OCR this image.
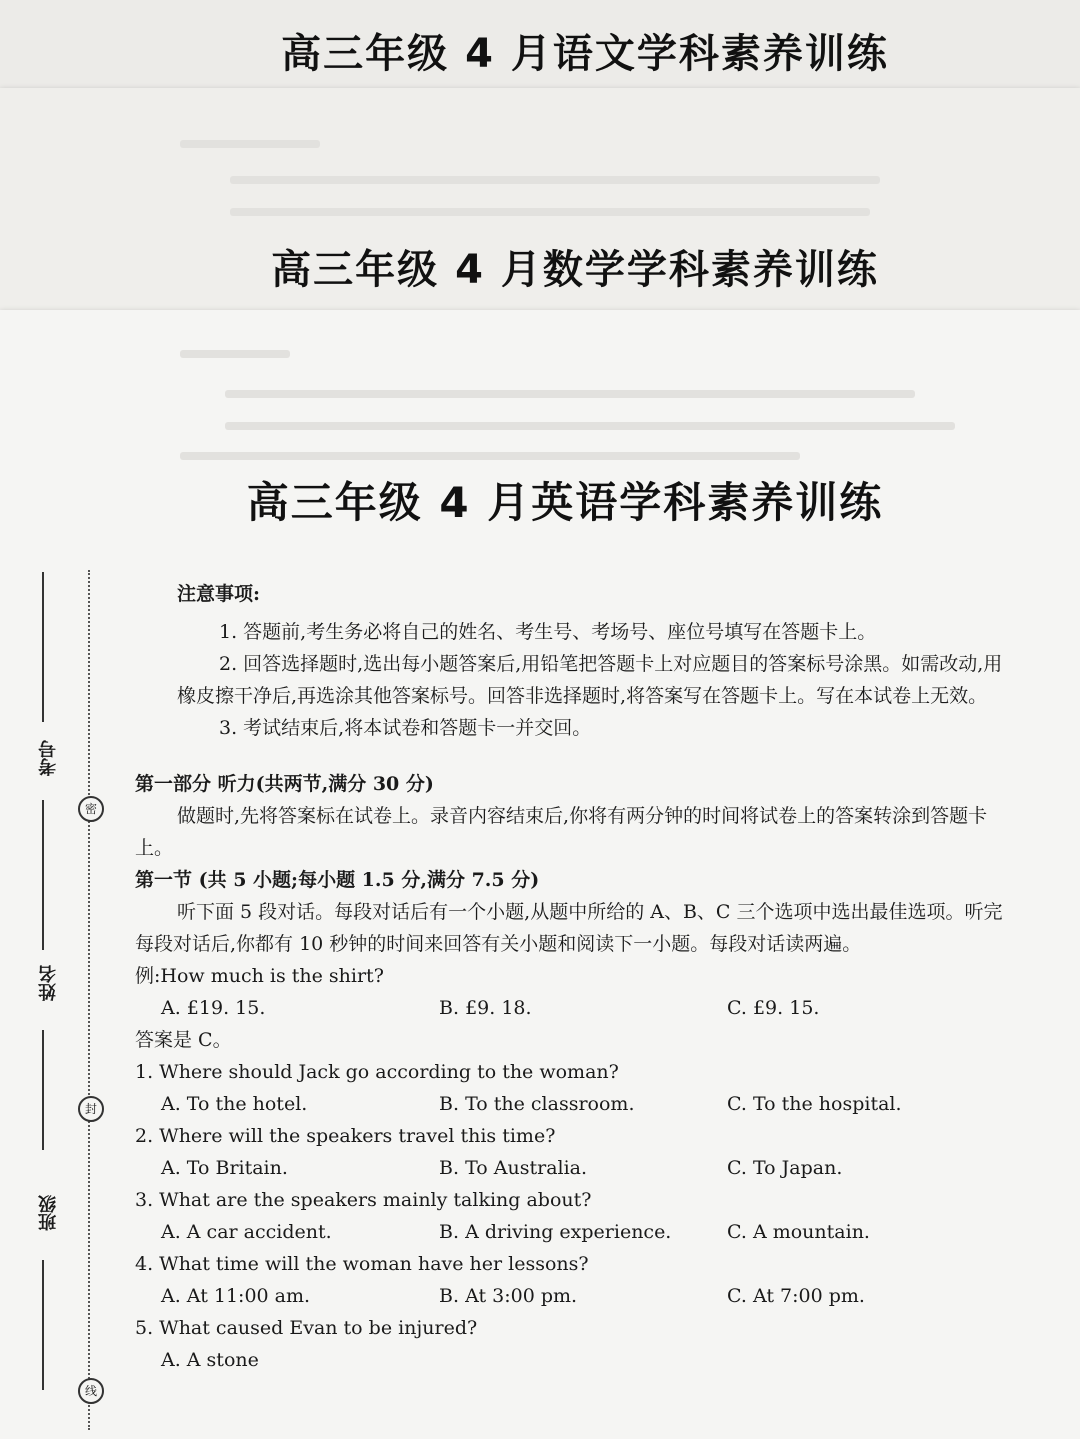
高三年级 4 月语文学科素养训练
高三年级 4 月数学学科素养训练
高三年级 4 月英语学科素养训练
考号
密
姓名
封
班级
线

注意事项:

1. 答题前,考生务必将自己的姓名、考生号、考场号、座位号填写在答题卡上。

2. 回答选择题时,选出每小题答案后,用铅笔把答题卡上对应题目的答案标号涂黑。如需改动,用橡皮擦干净后,再选涂其他答案标号。回答非选择题时,将答案写在答题卡上。写在本试卷上无效。

3. 考试结束后,将本试卷和答题卡一并交回。

第一部分 听力(共两节,满分 30 分)

做题时,先将答案标在试卷上。录音内容结束后,你将有两分钟的时间将试卷上的答案转涂到答题卡上。

第一节 (共 5 小题;每小题 1.5 分,满分 7.5 分)

听下面 5 段对话。每段对话后有一个小题,从题中所给的 A、B、C 三个选项中选出最佳选项。听完每段对话后,你都有 10 秒钟的时间来回答有关小题和阅读下一小题。每段对话读两遍。

例:How much is the shirt?

A. £19. 15.	B. £9. 18.	C. £9. 15.

答案是 C。

1. Where should Jack go according to the woman?

A. To the hotel.	B. To the classroom.	C. To the hospital.

2. Where will the speakers travel this time?

A. To Britain.	B. To Australia.	C. To Japan.

3. What are the speakers mainly talking about?

A. A car accident.	B. A driving experience.	C. A mountain.

4. What time will the woman have her lessons?

A. At 11:00 am.	B. At 3:00 pm.	C. At 7:00 pm.

5. What caused Evan to be injured?

A. A stone
